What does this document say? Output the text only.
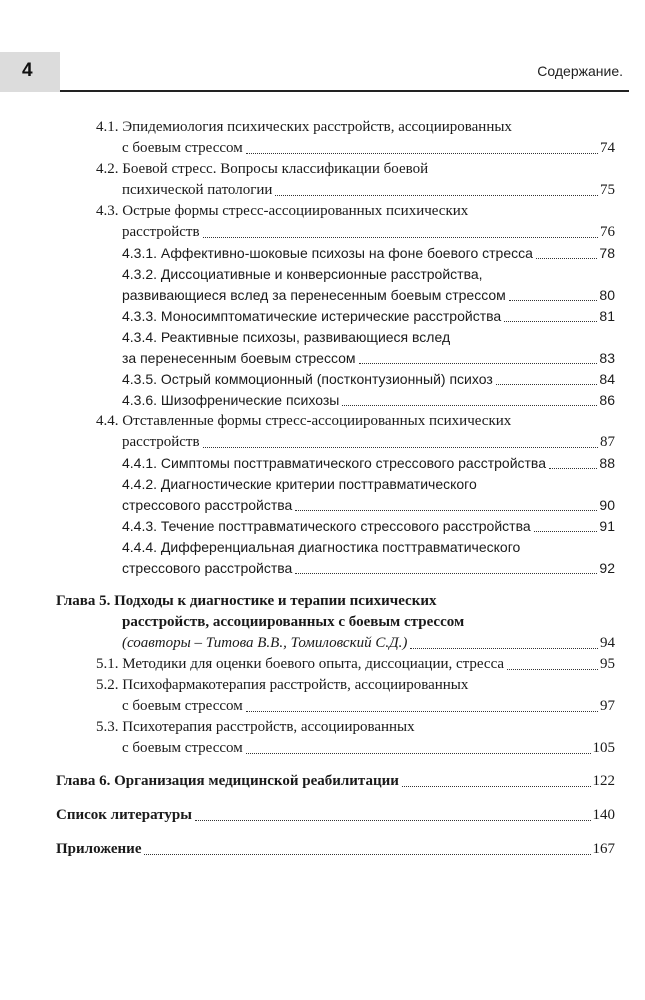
4	Содержание.
4.1. Эпидемиология психических расстройств, ассоциированных
с боевым стрессом	74
4.2. Боевой стресс. Вопросы классификации боевой
психической патологии	75
4.3. Острые формы стресс-ассоциированных психических
расстройств	76
4.3.1. Аффективно-шоковые психозы на фоне боевого стресса	78
4.3.2. Диссоциативные и конверсионные расстройства,
развивающиеся вслед за перенесенным боевым стрессом	80
4.3.3. Моносимптоматические истерические расстройства	81
4.3.4. Реактивные психозы, развивающиеся вслед
за перенесенным боевым стрессом	83
4.3.5. Острый коммоционный (постконтузионный) психоз	84
4.3.6. Шизофренические психозы	86
4.4. Отставленные формы стресс-ассоциированных психических
расстройств	87
4.4.1. Симптомы посттравматического стрессового расстройства	88
4.4.2. Диагностические критерии посттравматического
стрессового расстройства	90
4.4.3. Течение посттравматического стрессового расстройства	91
4.4.4. Дифференциальная диагностика посттравматического
стрессового расстройства	92
Глава 5. Подходы к диагностике и терапии психических
расстройств, ассоциированных с боевым стрессом
(соавторы – Титова В.В., Томиловский С.Д.)	94
5.1. Методики для оценки боевого опыта, диссоциации, стресса	95
5.2. Психофармакотерапия расстройств, ассоциированных
с боевым стрессом	97
5.3. Психотерапия расстройств, ассоциированных
с боевым стрессом	105
Глава 6. Организация медицинской реабилитации	122
Список литературы	140
Приложение	167
